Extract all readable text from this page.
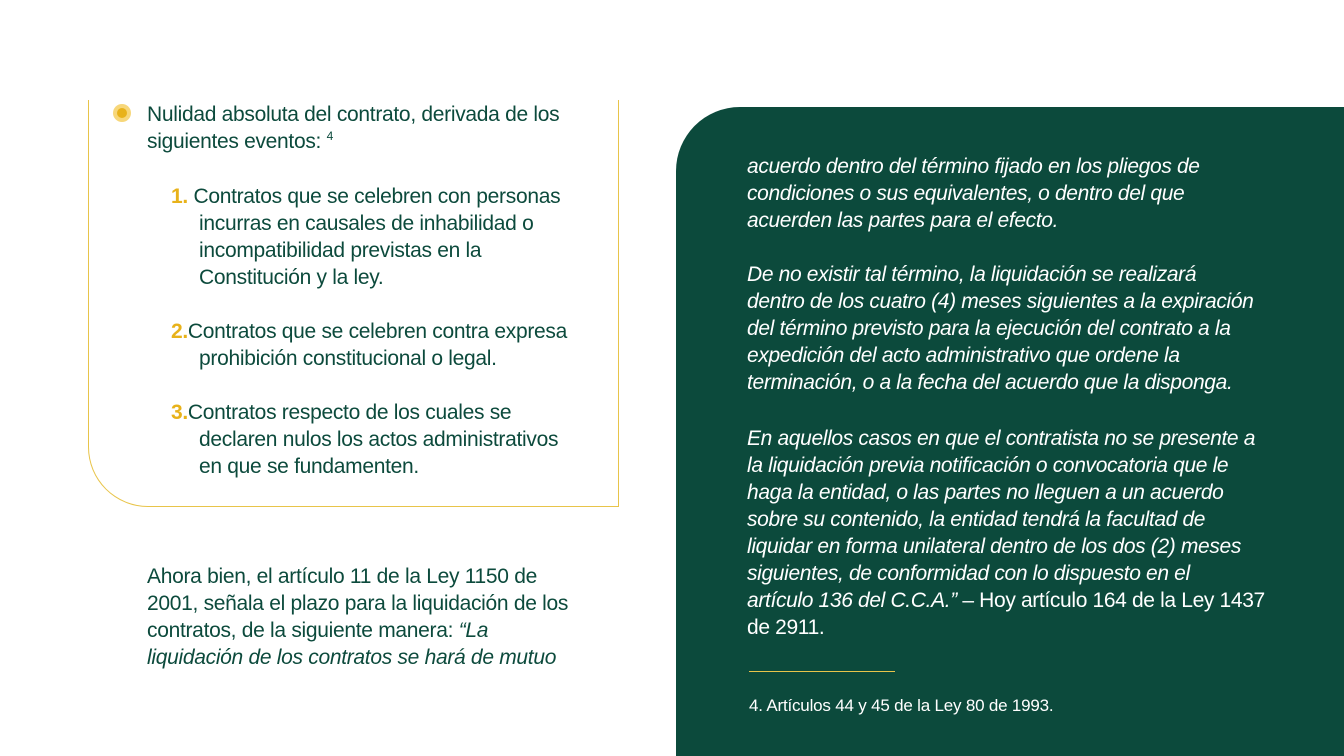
Nulidad absoluta del contrato, derivada de los
siguientes eventos: $^4$
1. Contratos que se celebren con personas
incurras en causales de inhabilidad o
incompatibilidad previstas en la
Constitución y la ley.
2.Contratos que se celebren contra expresa
prohibición constitucional o legal.
3.Contratos respecto de los cuales se
declaren nulos los actos administrativos
en que se fundamenten.
Ahora bien, el artículo 11 de la Ley 1150 de
2001, señala el plazo para la liquidación de los
contratos, de la siguiente manera: “La
liquidación de los contratos se hará de mutuo
acuerdo dentro del término fijado en los pliegos de
condiciones o sus equivalentes, o dentro del que
acuerden las partes para el efecto.
De no existir tal término, la liquidación se realizará
dentro de los cuatro (4) meses siguientes a la expiración
del término previsto para la ejecución del contrato a la
expedición del acto administrativo que ordene la
terminación, o a la fecha del acuerdo que la disponga.
En aquellos casos en que el contratista no se presente a
la liquidación previa notificación o convocatoria que le
haga la entidad, o las partes no lleguen a un acuerdo
sobre su contenido, la entidad tendrá la facultad de
liquidar en forma unilateral dentro de los dos (2) meses
siguientes, de conformidad con lo dispuesto en el
artículo 136 del C.C.A.” – Hoy artículo 164 de la Ley 1437
de 2911.
4. Artículos 44 y 45 de la Ley 80 de 1993.
